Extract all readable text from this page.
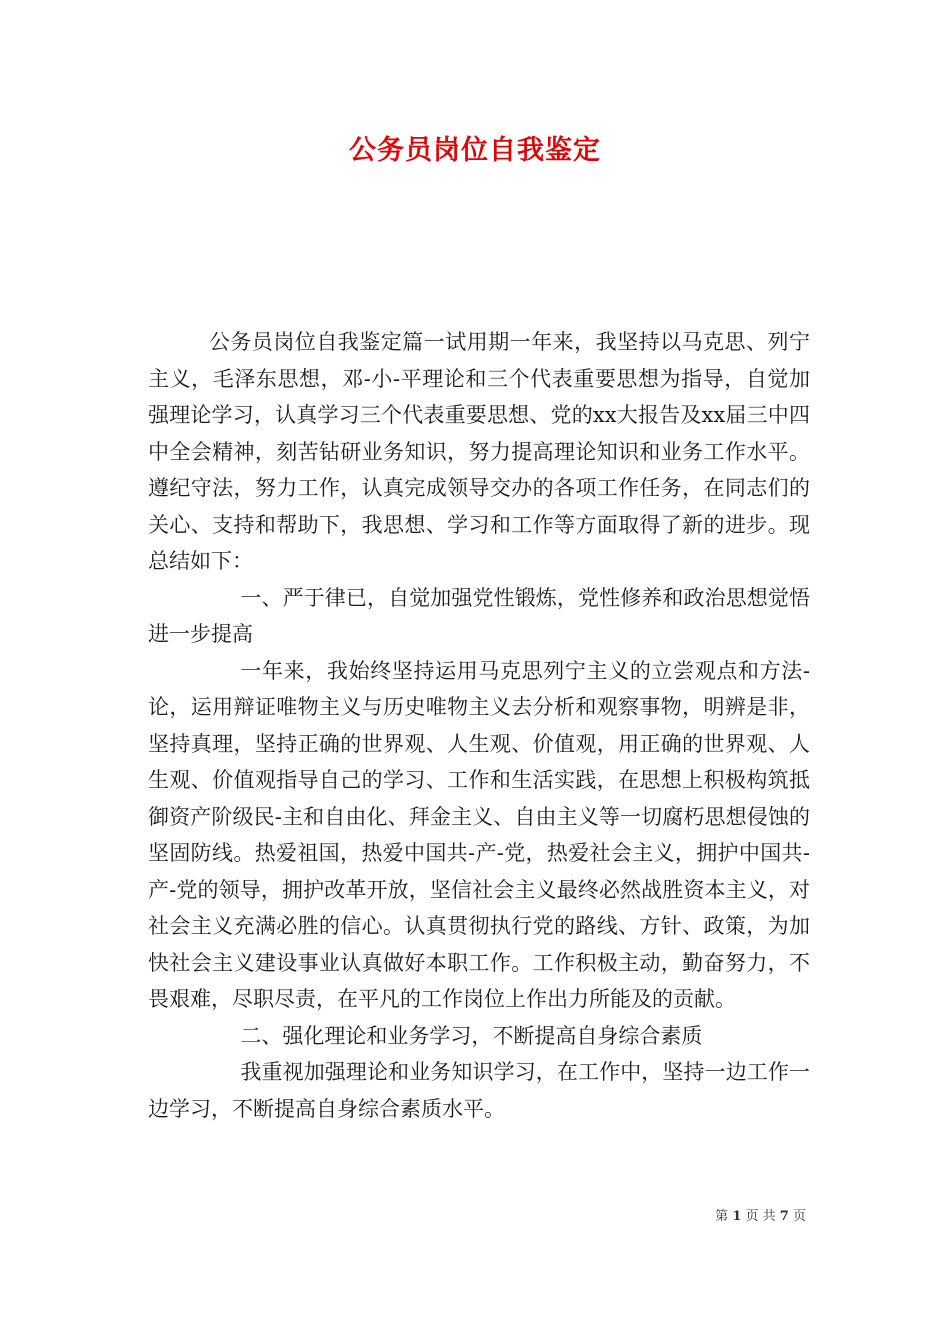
公务员岗位自我鉴定

公务员岗位自我鉴定篇一试用期一年来，我坚持以马克思、列宁主义，毛泽东思想，邓-小-平理论和三个代表重要思想为指导，自觉加强理论学习，认真学习三个代表重要思想、党的xx大报告及xx届三中四中全会精神，刻苦钻研业务知识，努力提高理论知识和业务工作水平。遵纪守法，努力工作，认真完成领导交办的各项工作任务，在同志们的关心、支持和帮助下，我思想、学习和工作等方面取得了新的进步。现总结如下：

一、严于律已，自觉加强党性锻炼，党性修养和政治思想觉悟进一步提高

一年来，我始终坚持运用马克思列宁主义的立尝观点和方法-论，运用辩证唯物主义与历史唯物主义去分析和观察事物，明辨是非，坚持真理，坚持正确的世界观、人生观、价值观，用正确的世界观、人生观、价值观指导自己的学习、工作和生活实践，在思想上积极构筑抵御资产阶级民-主和自由化、拜金主义、自由主义等一切腐朽思想侵蚀的坚固防线。热爱祖国，热爱中国共-产-党，热爱社会主义，拥护中国共-产-党的领导，拥护改革开放，坚信社会主义最终必然战胜资本主义，对社会主义充满必胜的信心。认真贯彻执行党的路线、方针、政策，为加快社会主义建设事业认真做好本职工作。工作积极主动，勤奋努力，不畏艰难，尽职尽责，在平凡的工作岗位上作出力所能及的贡献。

二、强化理论和业务学习，不断提高自身综合素质

我重视加强理论和业务知识学习，在工作中，坚持一边工作一边学习，不断提高自身综合素质水平。

第 1 页 共 7 页
